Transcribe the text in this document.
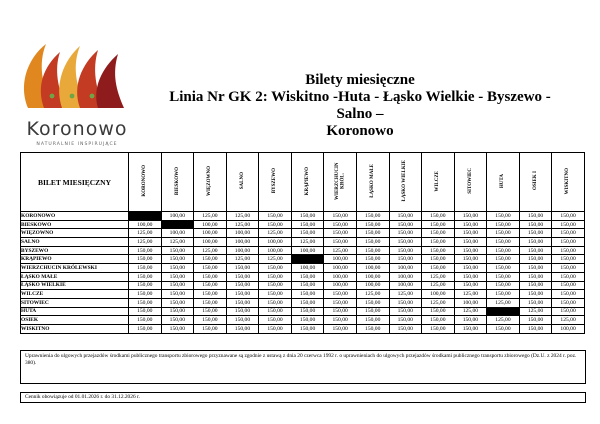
Koronowo
NATURALNIE INSPIRUJĄCE
Bilety miesięczne
Linia Nr GK 2: Wiskitno -Huta - Łąsko Wielkie - Byszewo - Salno –
Koronowo
BILET MIESIĘCZNY	KORONOWO	BIESKOWO	WIĘZOWNO	SALNO	BYSZEWO	KRĄPIEWO	WIERZCHUCIN KRÓL.	ŁĄSKO MAŁE	ŁĄSKO WIELKIE	WILCZE	SITOWIEC	HUTA	OSIEK I	WISKITNO
KORONOWO		100,00	125,00	125,00	150,00	150,00	150,00	150,00	150,00	150,00	150,00	150,00	150,00	150,00
BIESKOWO	100,00		100,00	125,00	150,00	150,00	150,00	150,00	150,00	150,00	150,00	150,00	150,00	150,00
WIĘZOWNO	125,00	100,00	100,00	100,00	125,00	150,00	150,00	150,00	150,00	150,00	150,00	150,00	150,00	150,00
SALNO	125,00	125,00	100,00	100,00	100,00	125,00	150,00	150,00	150,00	150,00	150,00	150,00	150,00	150,00
BYSZEWO	150,00	150,00	125,00	100,00	100,00	100,00	125,00	150,00	150,00	150,00	150,00	150,00	150,00	150,00
KRĄPIEWO	150,00	150,00	150,00	125,00	125,00		100,00	150,00	150,00	150,00	150,00	150,00	150,00	150,00
WIERZCHUCIN KRÓLEWSKI	150,00	150,00	150,00	150,00	150,00	100,00	100,00	100,00	100,00	150,00	150,00	150,00	150,00	150,00
ŁĄSKO MAŁE	150,00	150,00	150,00	150,00	150,00	150,00	100,00	100,00	100,00	125,00	150,00	150,00	150,00	150,00
ŁĄSKO WIELKIE	150,00	150,00	150,00	150,00	150,00	150,00	100,00	100,00	100,00	125,00	150,00	150,00	150,00	150,00
WILCZE	150,00	150,00	150,00	150,00	150,00	150,00	150,00	125,00	125,00	100,00	125,00	150,00	150,00	150,00
SITOWIEC	150,00	150,00	150,00	150,00	150,00	150,00	150,00	150,00	150,00	125,00	100,00	125,00	150,00	150,00
HUTA	150,00	150,00	150,00	150,00	150,00	150,00	150,00	150,00	150,00	150,00	125,00		125,00	150,00
OSIEK	150,00	150,00	150,00	150,00	150,00	150,00	150,00	150,00	150,00	150,00	150,00	125,00	150,00	125,00
WISKITNO	150,00	150,00	150,00	150,00	150,00	150,00	150,00	150,00	150,00	150,00	150,00	150,00	150,00	100,00
Uprawnienia do ulgowych przejazdów środkami publicznego transportu zbiorowego przyznawane są zgodnie z ustawą z dnia 20 czerwca 1992 r. o uprawnieniach do ulgowych przejazdów środkami publicznego transportu zbiorowego (Dz.U. z 2024 r. poz. 380).
Cennik obowiązuje od 01.01.2026 r. do 31.12.2026 r.
